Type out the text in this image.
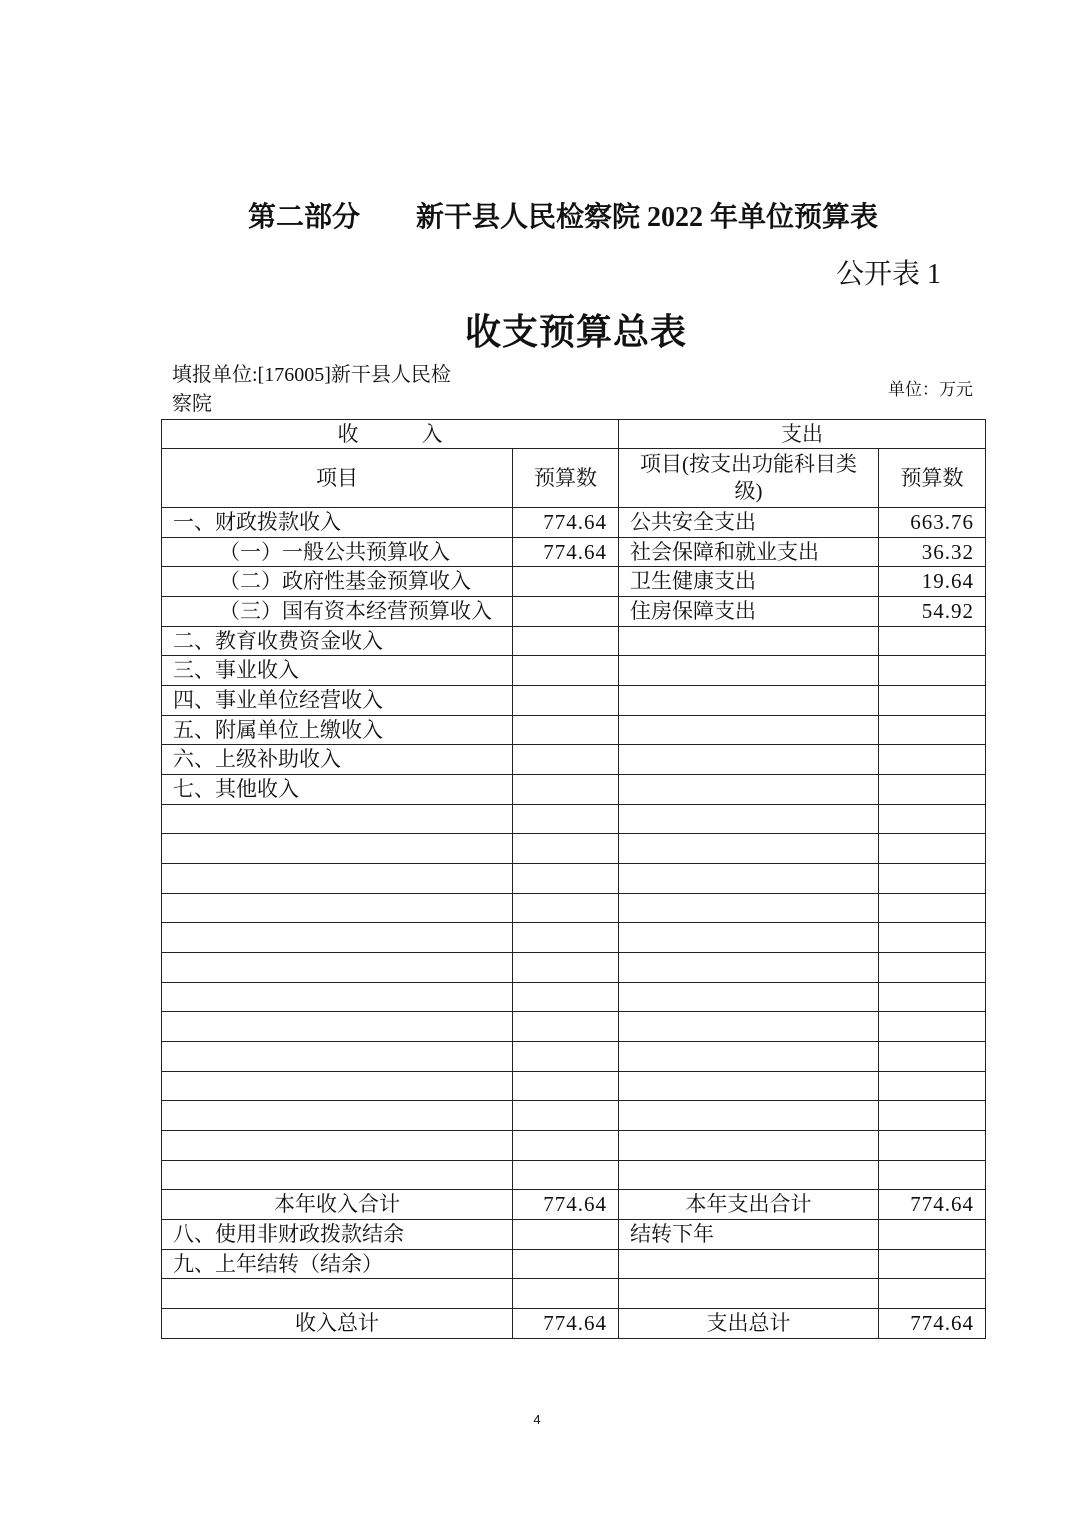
第二部分　　新干县人民检察院 2022 年单位预算表
公开表 1
收支预算总表
填报单位:[176005]新干县人民检
察院
单位：万元
收　　　入		支出	
项目	预算数	项目(按支出功能科目类级)	预算数
一、财政拨款收入	774.64	公共安全支出	663.76
（一）一般公共预算收入	774.64	社会保障和就业支出	36.32
（二）政府性基金预算收入		卫生健康支出	19.64
（三）国有资本经营预算收入		住房保障支出	54.92
二、教育收费资金收入			
三、事业收入			
四、事业单位经营收入			
五、附属单位上缴收入			
六、上级补助收入			
七、其他收入			

本年收入合计	774.64	本年支出合计	774.64
八、使用非财政拨款结余		结转下年	
九、上年结转（结余）			

收入总计	774.64	支出总计	774.64
4
